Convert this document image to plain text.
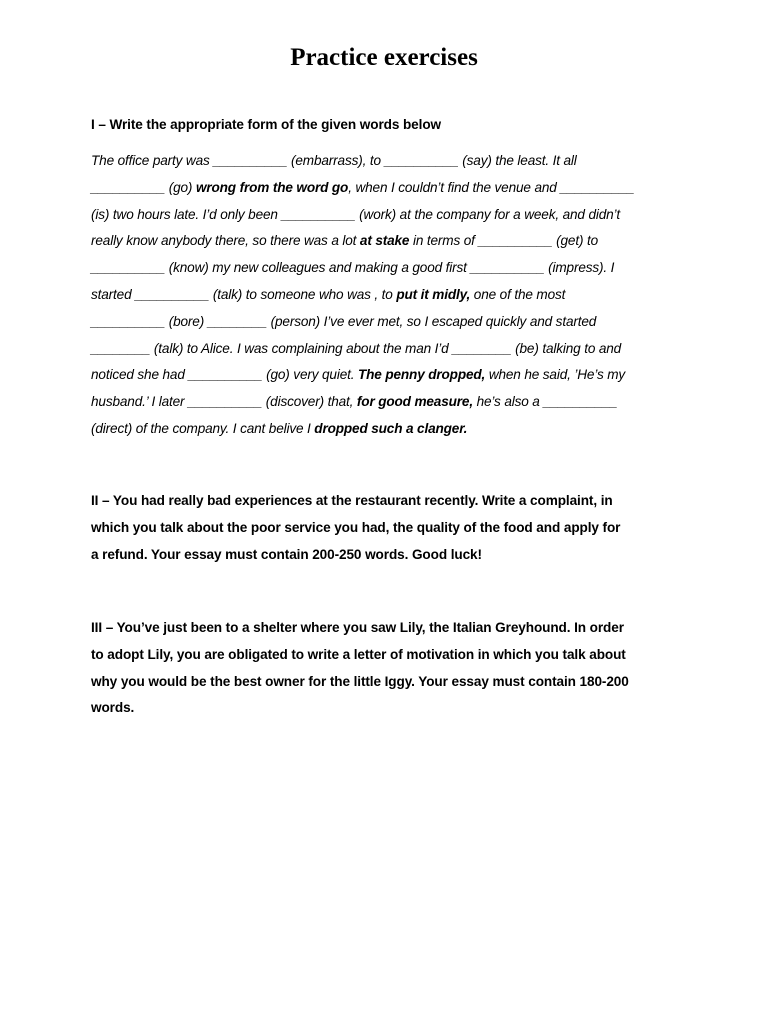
Practice exercises

I – Write the appropriate form of the given words below

The office party was __________ (embarrass), to __________ (say) the least. It all
__________ (go) wrong from the word go, when I couldn’t find the venue and __________
(is) two hours late. I’d only been __________ (work) at the company for a week, and didn’t
really know anybody there, so there was a lot at stake in terms of __________ (get) to
__________ (know) my new colleagues and making a good first __________ (impress). I
started __________ (talk) to someone who was , to put it midly, one of the most
__________ (bore) ________ (person) I’ve ever met, so I escaped quickly and started
________ (talk) to Alice. I was complaining about the man I’d ________ (be) talking to and
noticed she had __________ (go) very quiet. The penny dropped, when he said, ’He’s my
husband.’ I later __________ (discover) that, for good measure, he’s also a __________
(direct) of the company. I cant belive I dropped such a clanger.
II – You had really bad experiences at the restaurant recently. Write a complaint, in
which you talk about the poor service you had, the quality of the food and apply for
a refund. Your essay must contain 200-250 words. Good luck!
III – You’ve just been to a shelter where you saw Lily, the Italian Greyhound. In order
to adopt Lily, you are obligated to write a letter of motivation in which you talk about
why you would be the best owner for the little Iggy. Your essay must contain 180-200
words.
